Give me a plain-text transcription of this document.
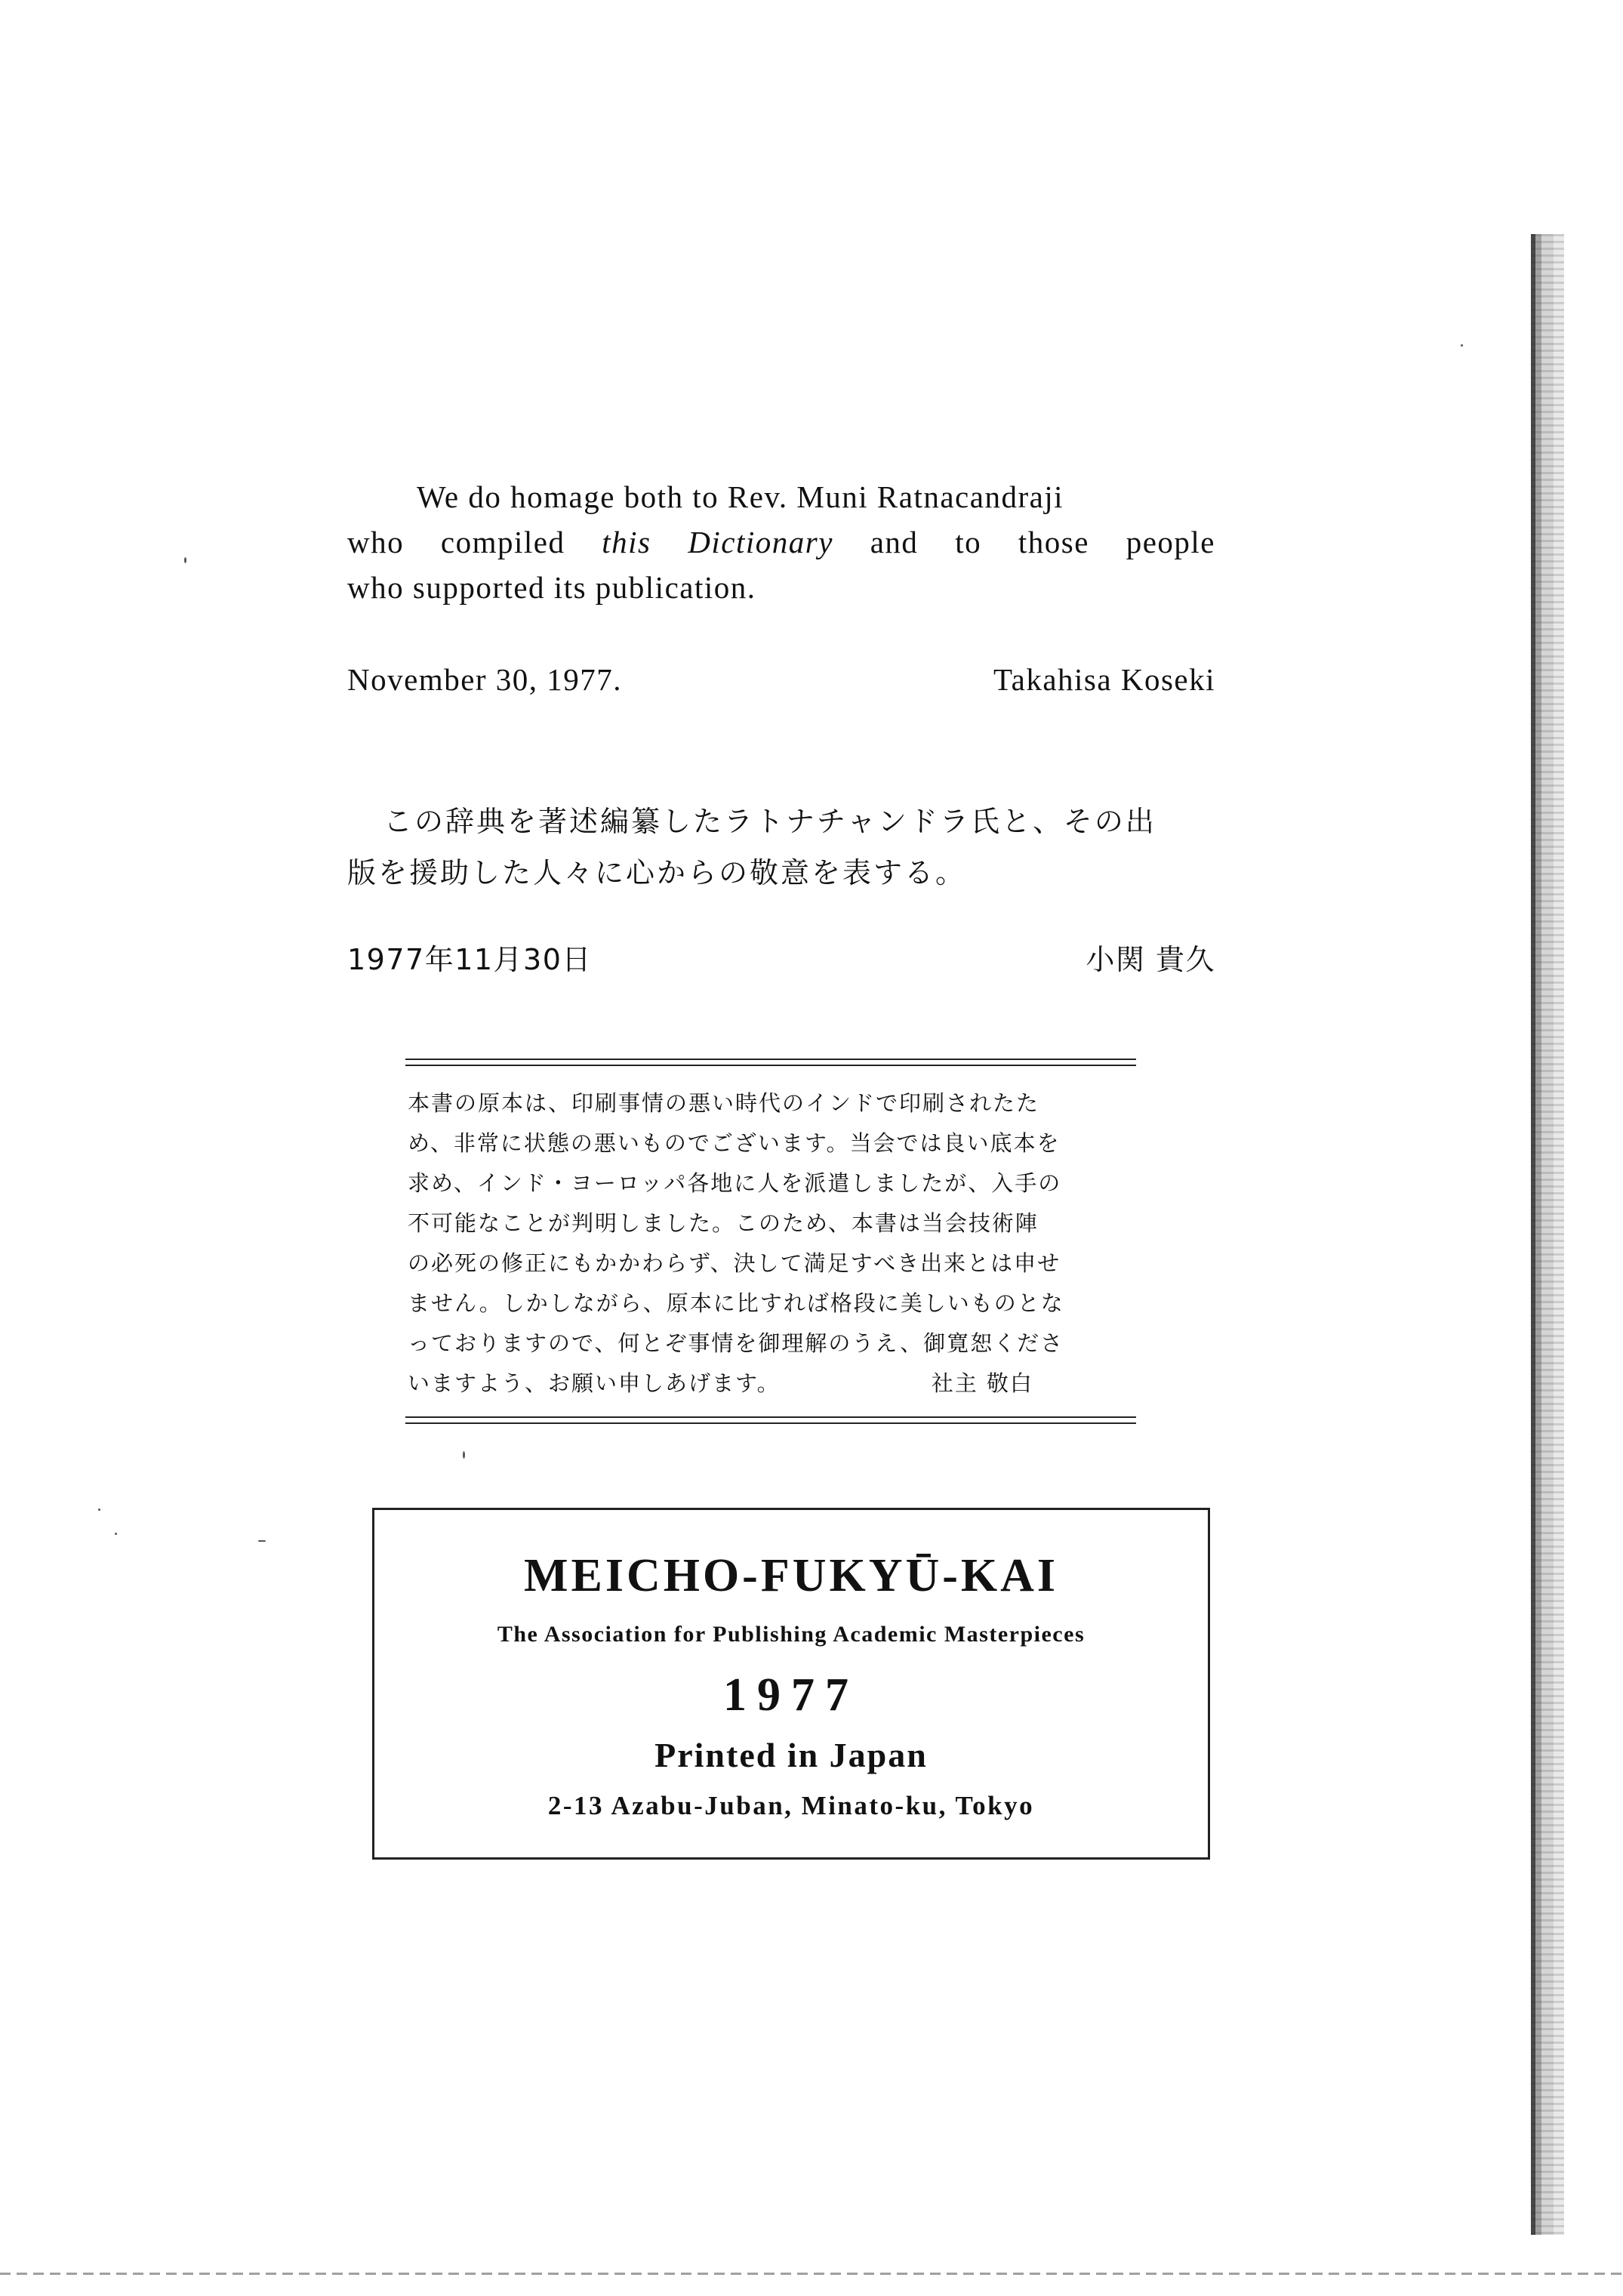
We do homage both to Rev. Muni Ratnacandraji

who compiled this Dictionary and to those people
who supported its publication.
November 30, 1977.	Takahisa Koseki

この辞典を著述編纂したラトナチャンドラ氏と、その出

版を援助した人々に心からの敬意を表する。
1977年11月30日	小関 貴久
本書の原本は、印刷事情の悪い時代のインドで印刷されたた
め、非常に状態の悪いものでございます。当会では良い底本を
求め、インド・ヨーロッパ各地に人を派遣しましたが、入手の
不可能なことが判明しました。このため、本書は当会技術陣
の必死の修正にもかかわらず、決して満足すべき出来とは申せ
ません。しかしながら、原本に比すれば格段に美しいものとな
っておりますので、何とぞ事情を御理解のうえ、御寛恕くださ
いますよう、お願い申しあげます。	社主 敬白
MEICHO-FUKYŪ-KAI
The Association for Publishing Academic Masterpieces
1977
Printed in Japan
2-13 Azabu-Juban, Minato-ku, Tokyo
